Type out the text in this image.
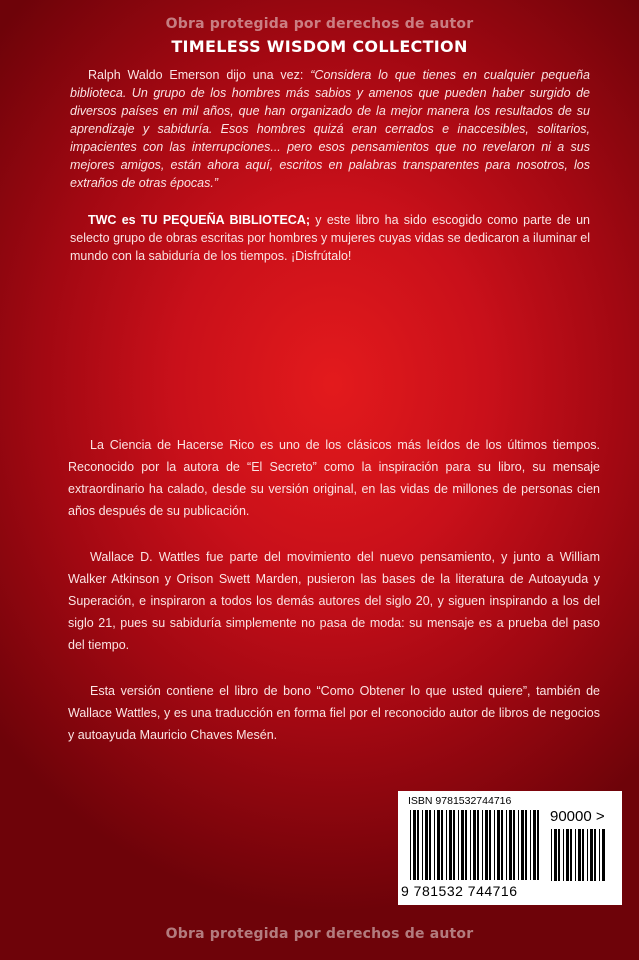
Obra protegida por derechos de autor
TIMELESS WISDOM COLLECTION
Ralph Waldo Emerson dijo una vez: “Considera lo que tienes en cualquier pequeña biblioteca. Un grupo de los hombres más sabios y amenos que pueden haber surgido de diversos países en mil años, que han organizado de la mejor manera los resultados de su aprendizaje y sabiduría. Esos hombres quizá eran cerrados e inaccesibles, solitarios, impacientes con las interrupciones... pero esos pensamientos que no revelaron ni a sus mejores amigos, están ahora aquí, escritos en palabras transparentes para nosotros, los extraños de otras épocas.”
TWC es TU PEQUEÑA BIBLIOTECA; y este libro ha sido escogido como parte de un selecto grupo de obras escritas por hombres y mujeres cuyas vidas se dedicaron a iluminar el mundo con la sabiduría de los tiempos. ¡Disfrútalo!
La Ciencia de Hacerse Rico es uno de los clásicos más leídos de los últimos tiempos. Reconocido por la autora de “El Secreto” como la inspiración para su libro, su mensaje extraordinario ha calado, desde su versión original, en las vidas de millones de personas cien años después de su publicación.
Wallace D. Wattles fue parte del movimiento del nuevo pensamiento, y junto a William Walker Atkinson y Orison Swett Marden, pusieron las bases de la literatura de Autoayuda y Superación, e inspiraron a todos los demás autores del siglo 20, y siguen inspirando a los del siglo 21, pues su sabiduría simplemente no pasa de moda: su mensaje es a prueba del paso del tiempo.
Esta versión contiene el libro de bono “Como Obtener lo que usted quiere”, también de Wallace Wattles, y es una traducción en forma fiel por el reconocido autor de libros de negocios y autoayuda Mauricio Chaves Mesén.
ISBN 9781532744716
90000 >
9 781532 744716
Obra protegida por derechos de autor
